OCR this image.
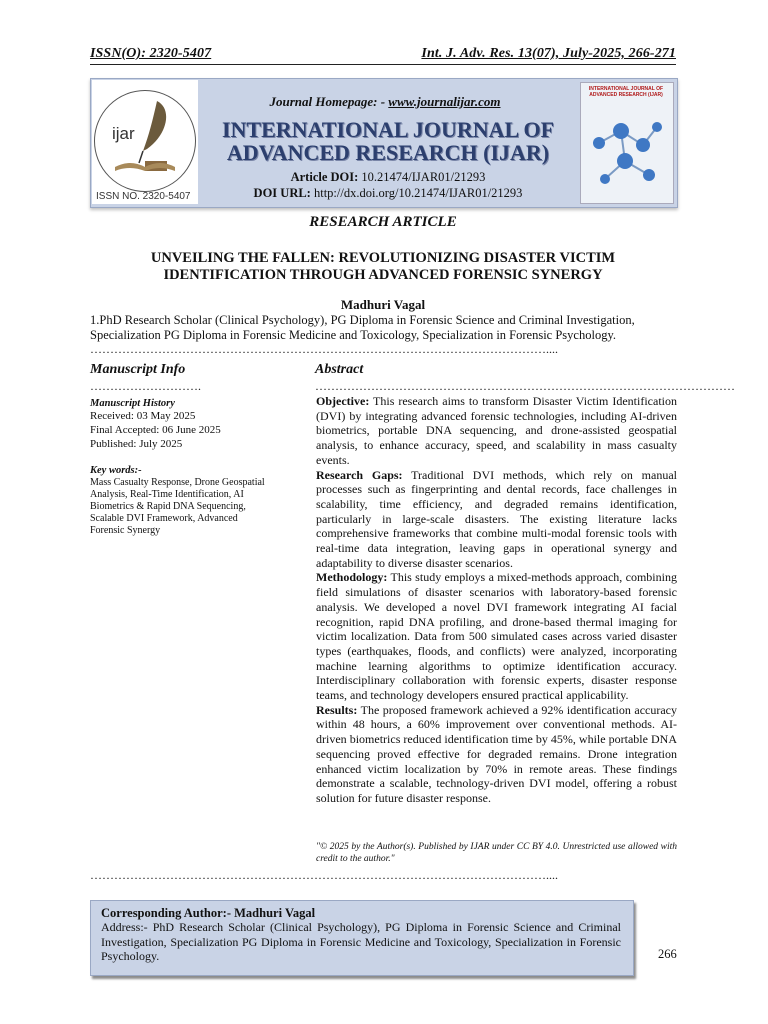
ISSN(O): 2320-5407	Int. J. Adv. Res. 13(07), July-2025, 266-271
ijar
ISSN NO. 2320-5407
Journal Homepage: - www.journalijar.com
INTERNATIONAL JOURNAL OF
ADVANCED RESEARCH (IJAR)
Article DOI: 10.21474/IJAR01/21293
DOI URL: http://dx.doi.org/10.21474/IJAR01/21293
INTERNATIONAL JOURNAL OF ADVANCED RESEARCH (IJAR)
RESEARCH ARTICLE
UNVEILING THE FALLEN: REVOLUTIONIZING DISASTER VICTIM
IDENTIFICATION THROUGH ADVANCED FORENSIC SYNERGY
Madhuri Vagal
1.PhD Research Scholar (Clinical Psychology), PG Diploma in Forensic Science and Criminal Investigation, Specialization PG Diploma in Forensic Medicine and Toxicology, Specialization in Forensic Psychology.
……………………………………………………………………………………………………....
Manuscript Info
……………………….
Manuscript History
Received: 03 May 2025
Final Accepted: 06 June 2025
Published: July 2025
Key words:-
Mass Casualty Response, Drone Geospatial Analysis, Real-Time Identification, AI Biometrics & Rapid DNA Sequencing, Scalable DVI Framework, Advanced Forensic Synergy
Abstract
……………………………………………………………………………………………

Objective: This research aims to transform Disaster Victim Identification (DVI) by integrating advanced forensic technologies, including AI-driven biometrics, portable DNA sequencing, and drone-assisted geospatial analysis, to enhance accuracy, speed, and scalability in mass casualty events.

Research Gaps: Traditional DVI methods, which rely on manual processes such as fingerprinting and dental records, face challenges in scalability, time efficiency, and degraded remains identification, particularly in large-scale disasters. The existing literature lacks comprehensive frameworks that combine multi-modal forensic tools with real-time data integration, leaving gaps in operational synergy and adaptability to diverse disaster scenarios.

Methodology: This study employs a mixed-methods approach, combining field simulations of disaster scenarios with laboratory-based forensic analysis. We developed a novel DVI framework integrating AI facial recognition, rapid DNA profiling, and drone-based thermal imaging for victim localization. Data from 500 simulated cases across varied disaster types (earthquakes, floods, and conflicts) were analyzed, incorporating machine learning algorithms to optimize identification accuracy. Interdisciplinary collaboration with forensic experts, disaster response teams, and technology developers ensured practical applicability.

Results: The proposed framework achieved a 92% identification accuracy within 48 hours, a 60% improvement over conventional methods. AI-driven biometrics reduced identification time by 45%, while portable DNA sequencing proved effective for degraded remains. Drone integration enhanced victim localization by 70% in remote areas. These findings demonstrate a scalable, technology-driven DVI model, offering a robust solution for future disaster response.

"© 2025 by the Author(s). Published by IJAR under CC BY 4.0. Unrestricted use allowed with credit to the author."
……………………………………………………………………………………………………....
Corresponding Author:- Madhuri Vagal
Address:- PhD Research Scholar (Clinical Psychology), PG Diploma in Forensic Science and Criminal Investigation, Specialization PG Diploma in Forensic Medicine and Toxicology, Specialization in Forensic Psychology.	266
